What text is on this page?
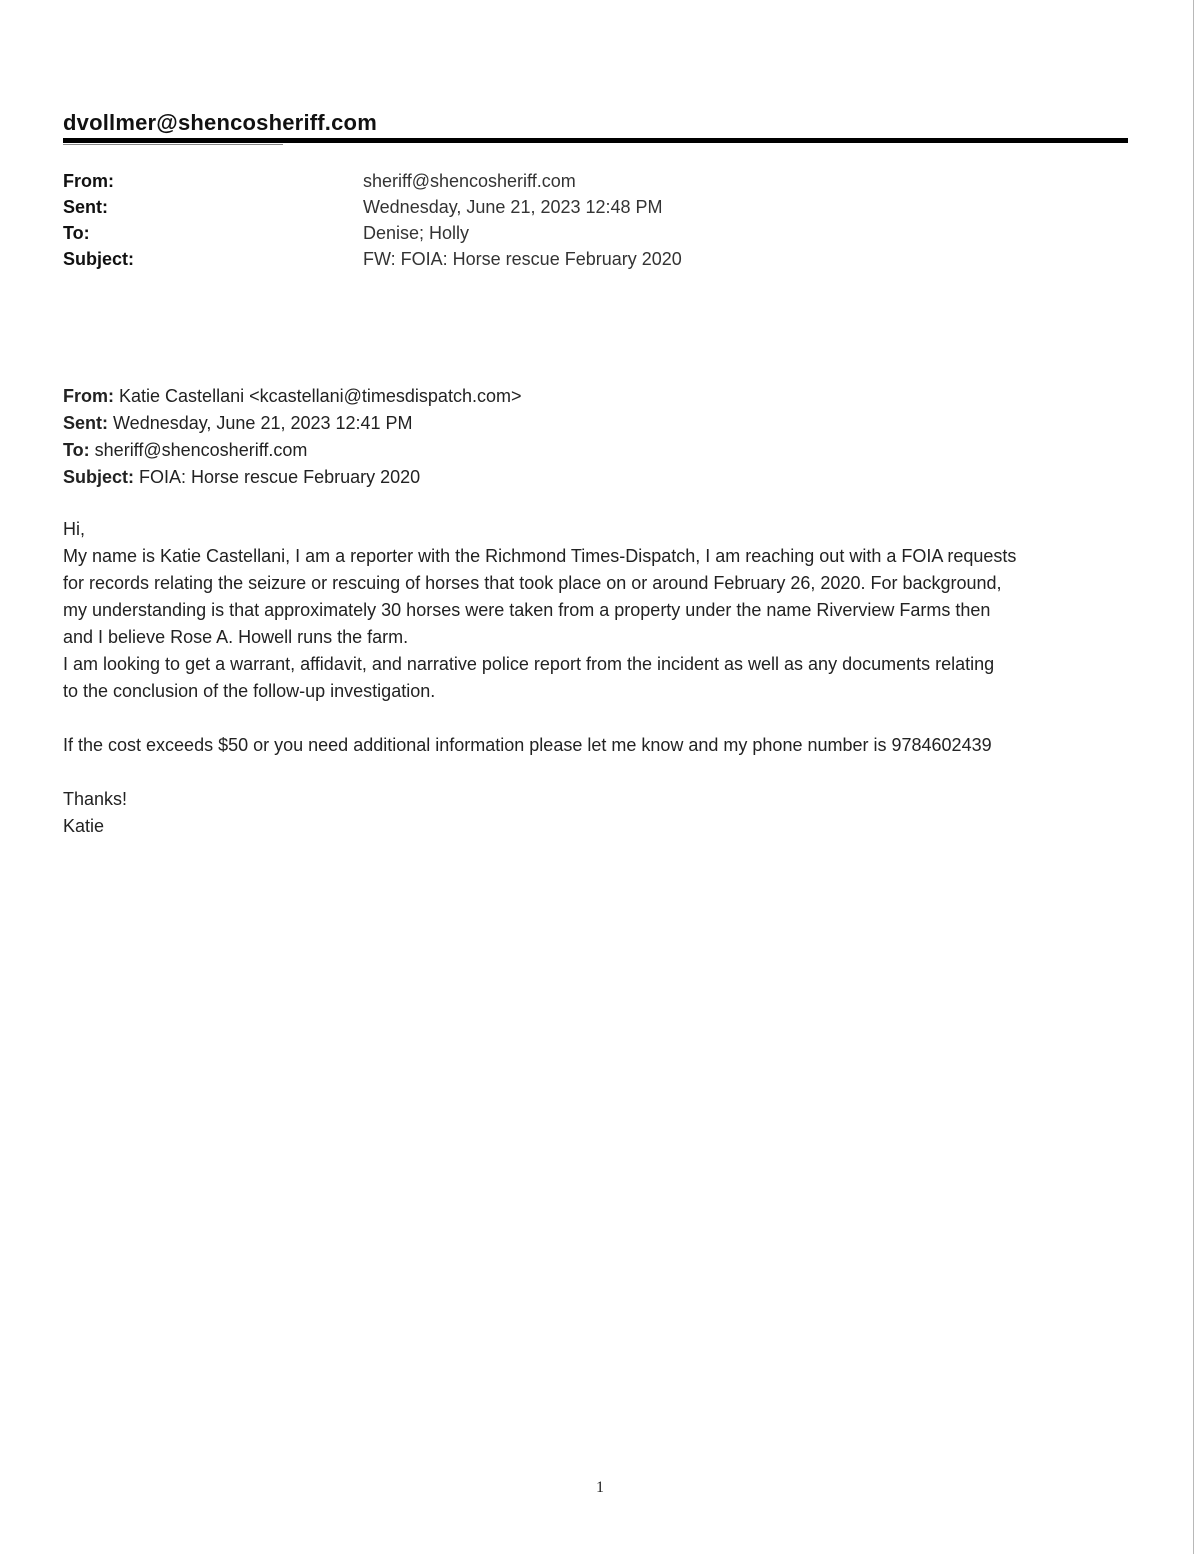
dvollmer@shencosheriff.com
From:	sheriff@shencosheriff.com
Sent:	Wednesday, June 21, 2023 12:48 PM
To:	Denise; Holly
Subject:	FW: FOIA: Horse rescue February 2020
From: Katie Castellani <kcastellani@timesdispatch.com>
Sent: Wednesday, June 21, 2023 12:41 PM
To: sheriff@shencosheriff.com
Subject: FOIA: Horse rescue February 2020

Hi,

My name is Katie Castellani, I am a reporter with the Richmond Times-Dispatch, I am reaching out with a FOIA requests

for records relating the seizure or rescuing of horses that took place on or around February 26, 2020. For background,

my understanding is that approximately 30 horses were taken from a property under the name Riverview Farms then

and I believe Rose A. Howell runs the farm.

I am looking to get a warrant, affidavit, and narrative police report from the incident as well as any documents relating

to the conclusion of the follow-up investigation.

If the cost exceeds $50 or you need additional information please let me know and my phone number is 9784602439

Thanks!

Katie

1
